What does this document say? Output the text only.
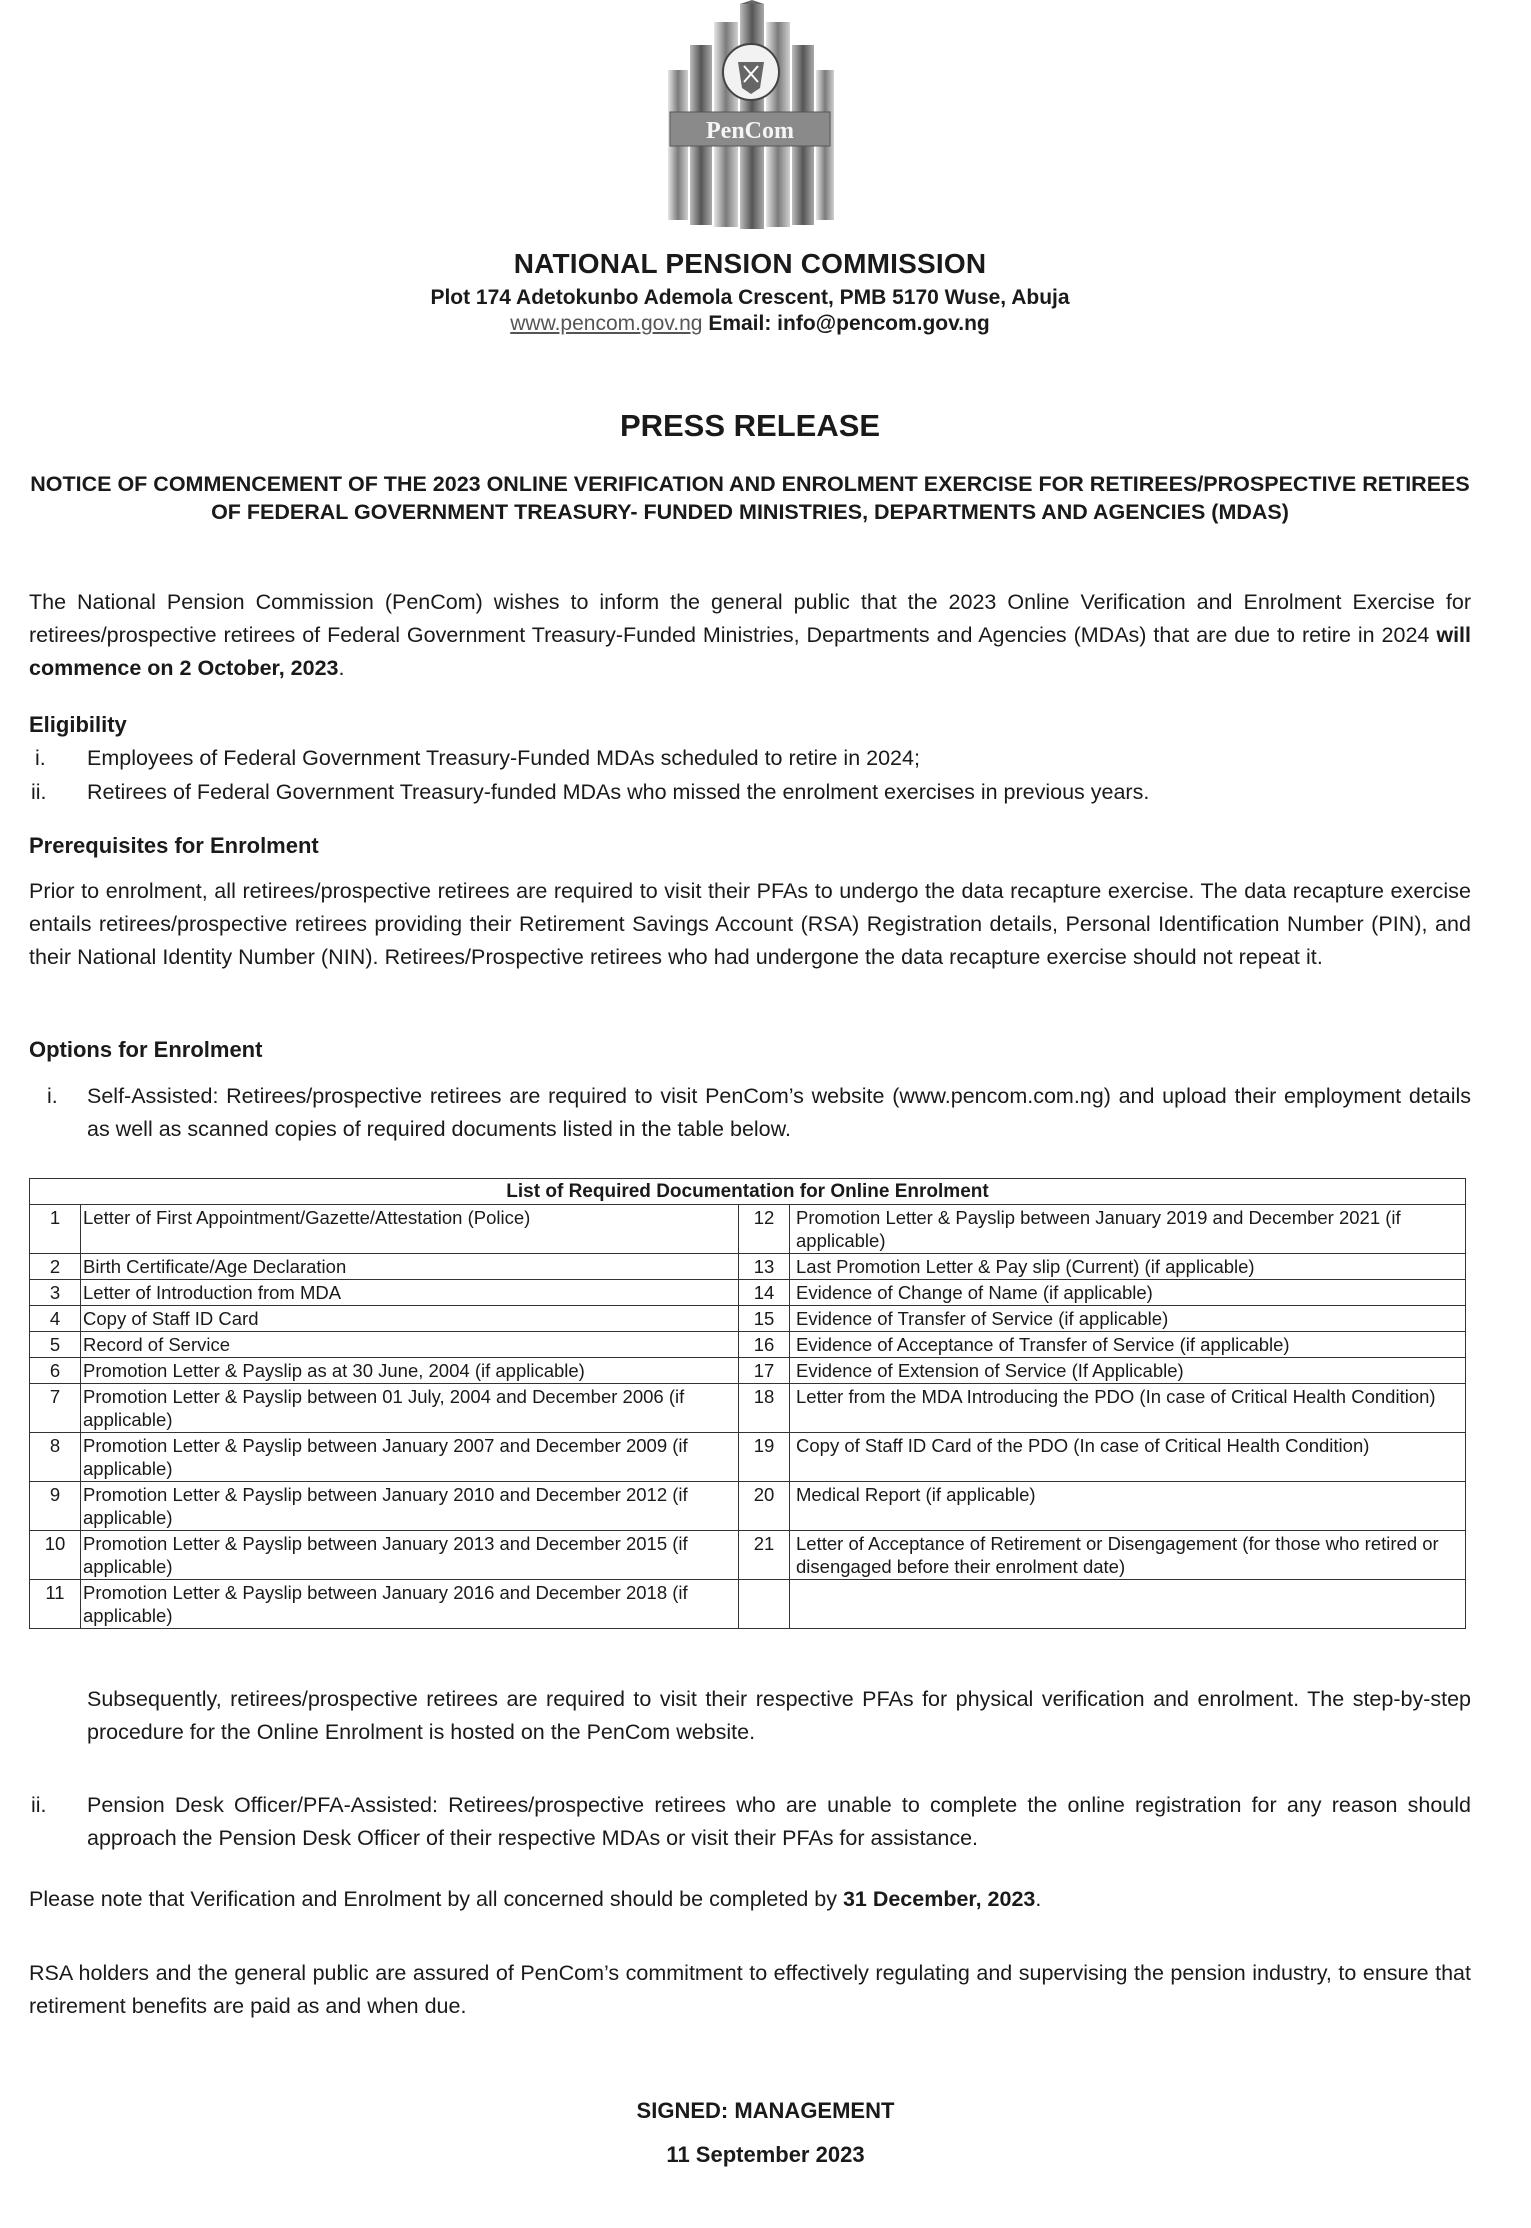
PenCom
NATIONAL PENSION COMMISSION
Plot 174 Adetokunbo Ademola Crescent, PMB 5170 Wuse, Abuja
www.pencom.gov.ng Email: info@pencom.gov.ng
PRESS RELEASE
NOTICE OF COMMENCEMENT OF THE 2023 ONLINE VERIFICATION AND ENROLMENT EXERCISE FOR RETIREES/PROSPECTIVE RETIREES OF FEDERAL GOVERNMENT TREASURY- FUNDED MINISTRIES, DEPARTMENTS AND AGENCIES (MDAS)
The National Pension Commission (PenCom) wishes to inform the general public that the 2023 Online Verification and Enrolment Exercise for retirees/prospective retirees of Federal Government Treasury-Funded Ministries, Departments and Agencies (MDAs) that are due to retire in 2024 will commence on 2 October, 2023.
Eligibility
i.	Employees of Federal Government Treasury-Funded MDAs scheduled to retire in 2024;
ii.	Retirees of Federal Government Treasury-funded MDAs who missed the enrolment exercises in previous years.
Prerequisites for Enrolment
Prior to enrolment, all retirees/prospective retirees are required to visit their PFAs to undergo the data recapture exercise. The data recapture exercise entails retirees/prospective retirees providing their Retirement Savings Account (RSA) Registration details, Personal Identification Number (PIN), and their National Identity Number (NIN). Retirees/Prospective retirees who had undergone the data recapture exercise should not repeat it.
Options for Enrolment
i.	Self-Assisted: Retirees/prospective retirees are required to visit PenCom’s website (www.pencom.com.ng) and upload their employment details as well as scanned copies of required documents listed in the table below.
List of Required Documentation for Online Enrolment			
1	Letter of First Appointment/Gazette/Attestation (Police)	12	Promotion Letter & Payslip between January 2019 and December 2021 (if applicable)
2	Birth Certificate/Age Declaration	13	Last Promotion Letter & Pay slip (Current) (if applicable)
3	Letter of Introduction from MDA	14	Evidence of Change of Name (if applicable)
4	Copy of Staff ID Card	15	Evidence of Transfer of Service (if applicable)
5	Record of Service	16	Evidence of Acceptance of Transfer of Service (if applicable)
6	Promotion Letter & Payslip as at 30 June, 2004 (if applicable)	17	Evidence of Extension of Service (If Applicable)
7	Promotion Letter & Payslip between 01 July, 2004 and December 2006 (if applicable)	18	Letter from the MDA Introducing the PDO (In case of Critical Health Condition)
8	Promotion Letter & Payslip between January 2007 and December 2009 (if applicable)	19	Copy of Staff ID Card of the PDO (In case of Critical Health Condition)
9	Promotion Letter & Payslip between January 2010 and December 2012 (if applicable)	20	Medical Report (if applicable)
10	Promotion Letter & Payslip between January 2013 and December 2015 (if applicable)	21	Letter of Acceptance of Retirement or Disengagement (for those who retired or disengaged before their enrolment date)
11	Promotion Letter & Payslip between January 2016 and December 2018 (if applicable)		
Subsequently, retirees/prospective retirees are required to visit their respective PFAs for physical verification and enrolment. The step-by-step procedure for the Online Enrolment is hosted on the PenCom website.
ii.	Pension Desk Officer/PFA-Assisted: Retirees/prospective retirees who are unable to complete the online registration for any reason should approach the Pension Desk Officer of their respective MDAs or visit their PFAs for assistance.
Please note that Verification and Enrolment by all concerned should be completed by 31 December, 2023.
RSA holders and the general public are assured of PenCom’s commitment to effectively regulating and supervising the pension industry, to ensure that retirement benefits are paid as and when due.
SIGNED: MANAGEMENT
11 September 2023
